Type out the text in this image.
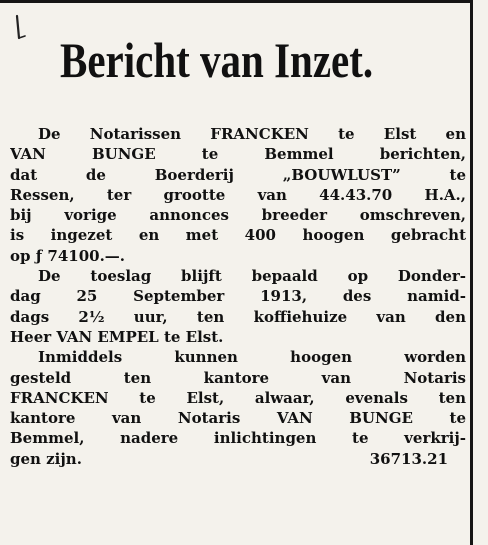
Bericht van Inzet.
De Notarissen FRANCKEN te Elst en
VAN BUNGE te Bemmel berichten,
dat de Boerderij „BOUWLUST” te
Ressen, ter grootte van 44.43.70 H.A.,
bij vorige annonces breeder omschreven,
is ingezet en met 400 hoogen gebracht
op ƒ 74100.—.
De toeslag blijft bepaald op Donder-
dag 25 September 1913, des namid-
dags 2½ uur, ten koffiehuize van den
Heer VAN EMPEL te Elst.
Inmiddels kunnen hoogen worden
gesteld ten kantore van Notaris
FRANCKEN te Elst, alwaar, evenals ten
kantore van Notaris VAN BUNGE te
Bemmel, nadere inlichtingen te verkrij-
gen zijn.	36713.21
